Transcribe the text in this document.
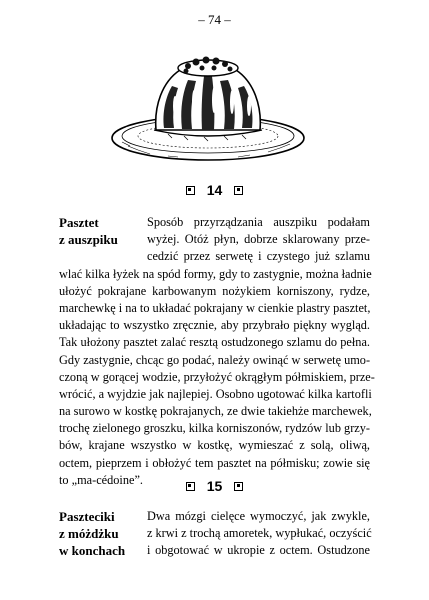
– 74 –
14
Pasztet
z auszpiku
Sposób przyrządzania auszpiku podałam
wyżej. Otóż płyn, dobrze sklarowany prze-
cedzić przez serwetę i czystego już szlamu
wlać kilka łyżek na spód formy, gdy to zastygnie, można ładnie
ułożyć pokrajane karbowanym nożykiem korniszony, rydze,
marchewkę i na to układać pokrajany w cienkie plastry pasztet,
układając to wszystko zręcznie, aby przybrało piękny wygląd.
Tak ułożony pasztet zalać resztą ostudzonego szlamu do pełna.
Gdy zastygnie, chcąc go podać, należy owinąć w serwetę umo-
czoną w gorącej wodzie, przyłożyć okrągłym półmiskiem, prze-
wrócić, a wyjdzie jak najlepiej. Osobno ugotować kilka kartofli
na surowo w kostkę pokrajanych, ze dwie takiehże marchewek,
trochę zielonego groszku, kilka korniszonów, rydzów lub grzy-
bów, krajane wszystko w kostkę, wymieszać z solą, oliwą,
octem, pieprzem i obłożyć tem pasztet na półmisku; zowie się
to „ma-cédoine”.	15
Paszteciki
z móżdżku
w konchach
Dwa mózgi cielęce wymoczyć, jak zwykle,
z krwi z trochą amoretek, wypłukać, oczyścić
i obgotować w ukropie z octem. Ostudzone
